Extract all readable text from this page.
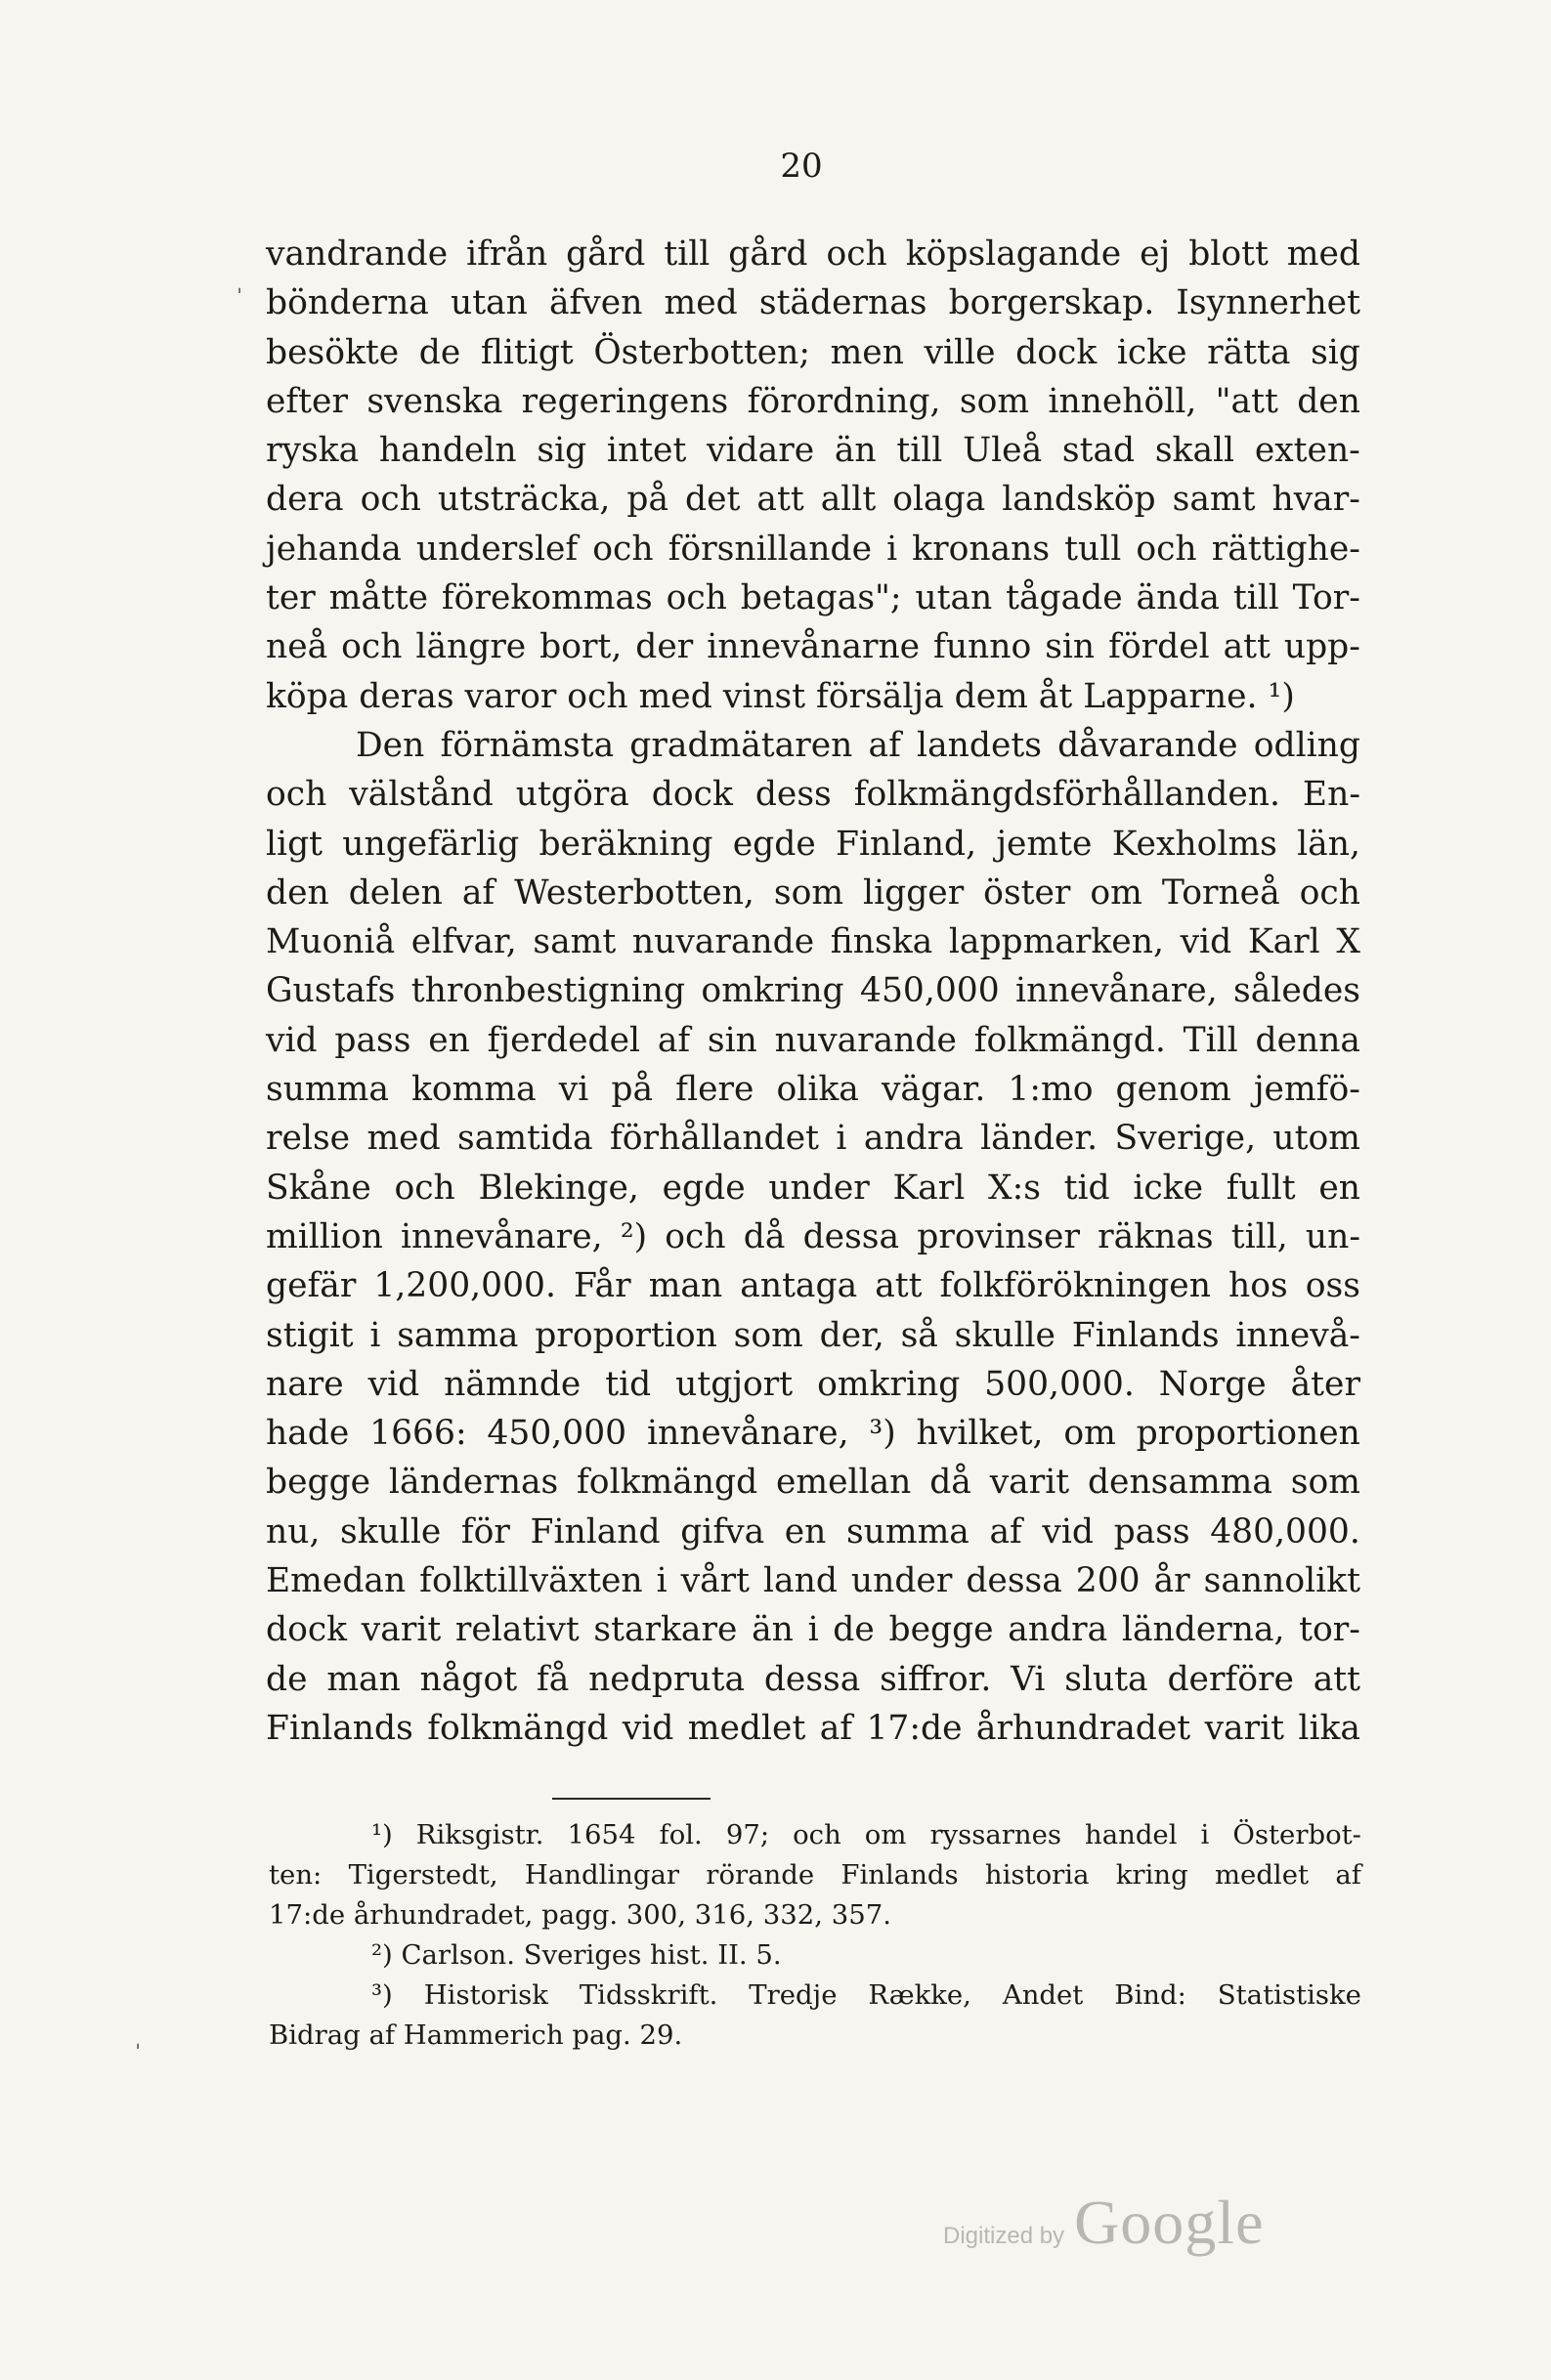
20
vandrande ifrån gård till gård och köpslagande ej blott med
bönderna utan äfven med städernas borgerskap. Isynnerhet
besökte de flitigt Österbotten; men ville dock icke rätta sig
efter svenska regeringens förordning, som innehöll, "att den
ryska handeln sig intet vidare än till Uleå stad skall exten-
dera och utsträcka, på det att allt olaga landsköp samt hvar-
jehanda underslef och försnillande i kronans tull och rättighe-
ter måtte förekommas och betagas"; utan tågade ända till Tor-
neå och längre bort, der innevånarne funno sin fördel att upp-
köpa deras varor och med vinst försälja dem åt Lapparne. ¹)
Den förnämsta gradmätaren af landets dåvarande odling
och välstånd utgöra dock dess folkmängdsförhållanden. En-
ligt ungefärlig beräkning egde Finland, jemte Kexholms län,
den delen af Westerbotten, som ligger öster om Torneå och
Muoniå elfvar, samt nuvarande finska lappmarken, vid Karl X
Gustafs thronbestigning omkring 450,000 innevånare, således
vid pass en fjerdedel af sin nuvarande folkmängd. Till denna
summa komma vi på flere olika vägar. 1:mo genom jemfö-
relse med samtida förhållandet i andra länder. Sverige, utom
Skåne och Blekinge, egde under Karl X:s tid icke fullt en
million innevånare, ²) och då dessa provinser räknas till, un-
gefär 1,200,000. Får man antaga att folkförökningen hos oss
stigit i samma proportion som der, så skulle Finlands innevå-
nare vid nämnde tid utgjort omkring 500,000. Norge åter
hade 1666: 450,000 innevånare, ³) hvilket, om proportionen
begge ländernas folkmängd emellan då varit densamma som
nu, skulle för Finland gifva en summa af vid pass 480,000.
Emedan folktillväxten i vårt land under dessa 200 år sannolikt
dock varit relativt starkare än i de begge andra länderna, tor-
de man något få nedpruta dessa siffror. Vi sluta derföre att
Finlands folkmängd vid medlet af 17:de århundradet varit lika
¹) Riksgistr. 1654 fol. 97; och om ryssarnes handel i Österbot-
ten: Tigerstedt, Handlingar rörande Finlands historia kring medlet af
17:de århundradet, pagg. 300, 316, 332, 357.
²) Carlson. Sveriges hist. II. 5.
³) Historisk Tidsskrift. Tredje Række, Andet Bind: Statistiske
Bidrag af Hammerich pag. 29.
ˌ
ˌ
Digitized by Google
